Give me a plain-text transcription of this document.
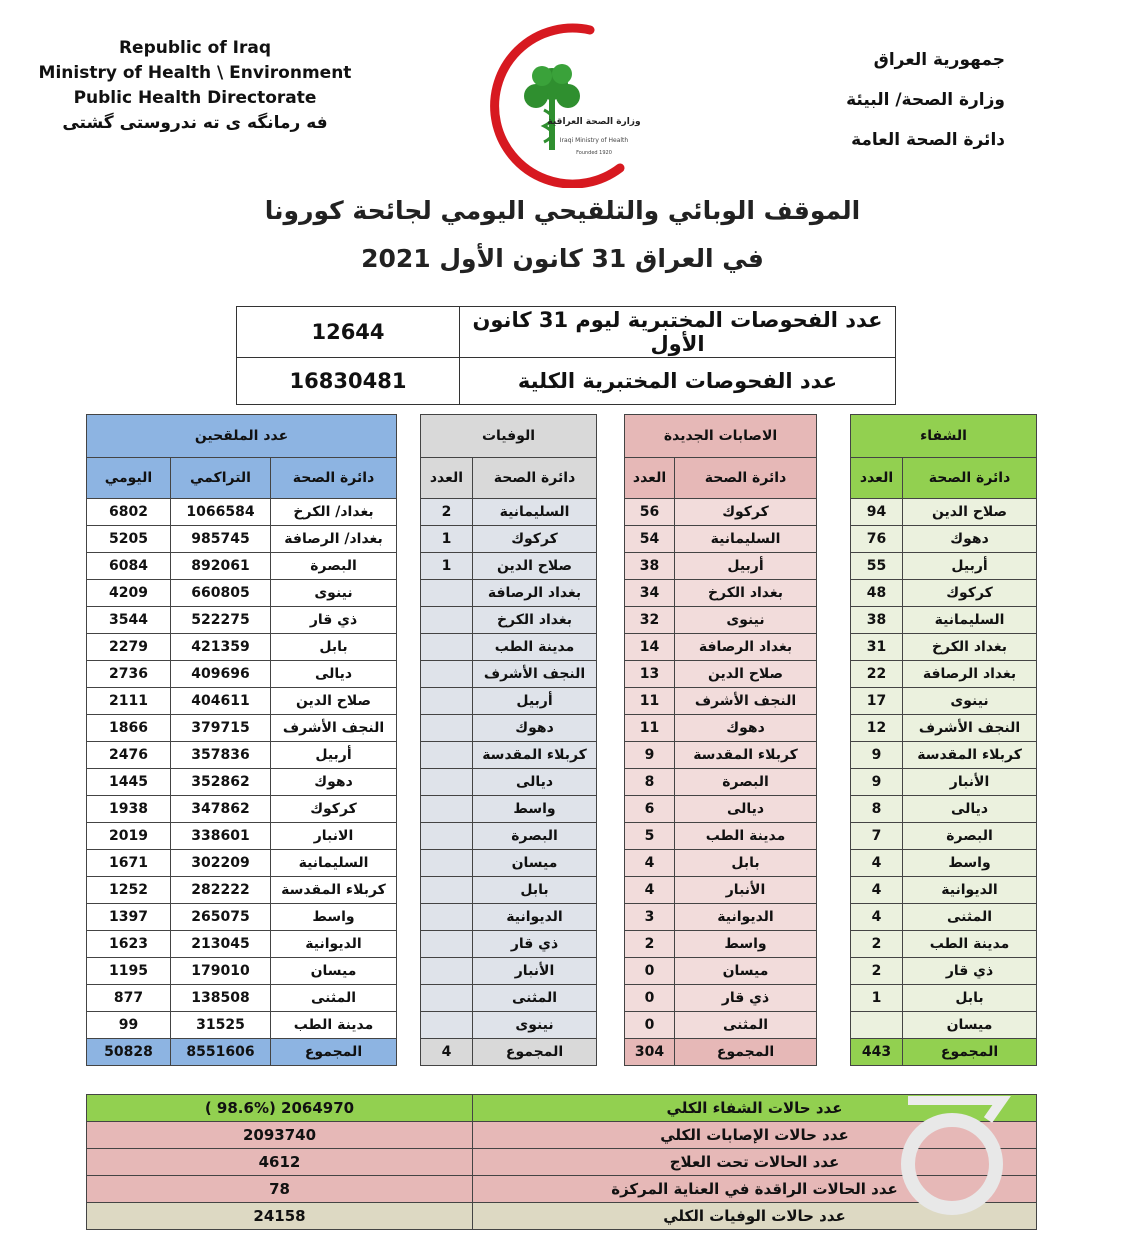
Republic of Iraq
Ministry of Health \ Environment
Public Health Directorate
فه رمانگه ى ته ندروستى گشتى	وزارة الصحة العراقية
Iraqi Ministry of Health
Founded 1920
جمهورية العراق
وزارة الصحة/ البيئة
دائرة الصحة العامة
الموقف الوبائي والتلقيحي اليومي لجائحة كورونا
في العراق 31 كانون الأول 2021
12644	عدد الفحوصات المختبرية ليوم 31 كانون الأول
16830481	عدد الفحوصات المختبرية الكلية
عدد الملقحين				الوفيات			الاصابات الجديدة			الشفاء	
اليومي	التراكمي	دائرة الصحة		العدد	دائرة الصحة		العدد	دائرة الصحة		العدد	دائرة الصحة
6802	1066584	بغداد/ الكرخ		2	السليمانية		56	كركوك		94	صلاح الدين
5205	985745	بغداد/ الرصافة		1	كركوك		54	السليمانية		76	دهوك
6084	892061	البصرة		1	صلاح الدين		38	أربيل		55	أربيل
4209	660805	نينوى			بغداد الرصافة		34	بغداد الكرخ		48	كركوك
3544	522275	ذي قار			بغداد الكرخ		32	نينوى		38	السليمانية
2279	421359	بابل			مدينة الطب		14	بغداد الرصافة		31	بغداد الكرخ
2736	409696	ديالى			النجف الأشرف		13	صلاح الدين		22	بغداد الرصافة
2111	404611	صلاح الدين			أربيل		11	النجف الأشرف		17	نينوى
1866	379715	النجف الأشرف			دهوك		11	دهوك		12	النجف الأشرف
2476	357836	أربيل			كربلاء المقدسة		9	كربلاء المقدسة		9	كربلاء المقدسة
1445	352862	دهوك			ديالى		8	البصرة		9	الأنبار
1938	347862	كركوك			واسط		6	ديالى		8	ديالى
2019	338601	الانبار			البصرة		5	مدينة الطب		7	البصرة
1671	302209	السليمانية			ميسان		4	بابل		4	واسط
1252	282222	كربلاء المقدسة			بابل		4	الأنبار		4	الديوانية
1397	265075	واسط			الديوانية		3	الديوانية		4	المثنى
1623	213045	الديوانية			ذي قار		2	واسط		2	مدينة الطب
1195	179010	ميسان			الأنبار		0	ميسان		2	ذي قار
877	138508	المثنى			المثنى		0	ذي قار		1	بابل
99	31525	مدينة الطب			نينوى		0	المثنى			ميسان
50828	8551606	المجموع		4	المجموع		304	المجموع		443	المجموع
( 98.6%) 2064970	عدد حالات الشفاء الكلي
2093740	عدد حالات الإصابات الكلي
4612	عدد الحالات تحت العلاج
78	عدد الحالات الراقدة في العناية المركزة
24158	عدد حالات الوفيات الكلي
